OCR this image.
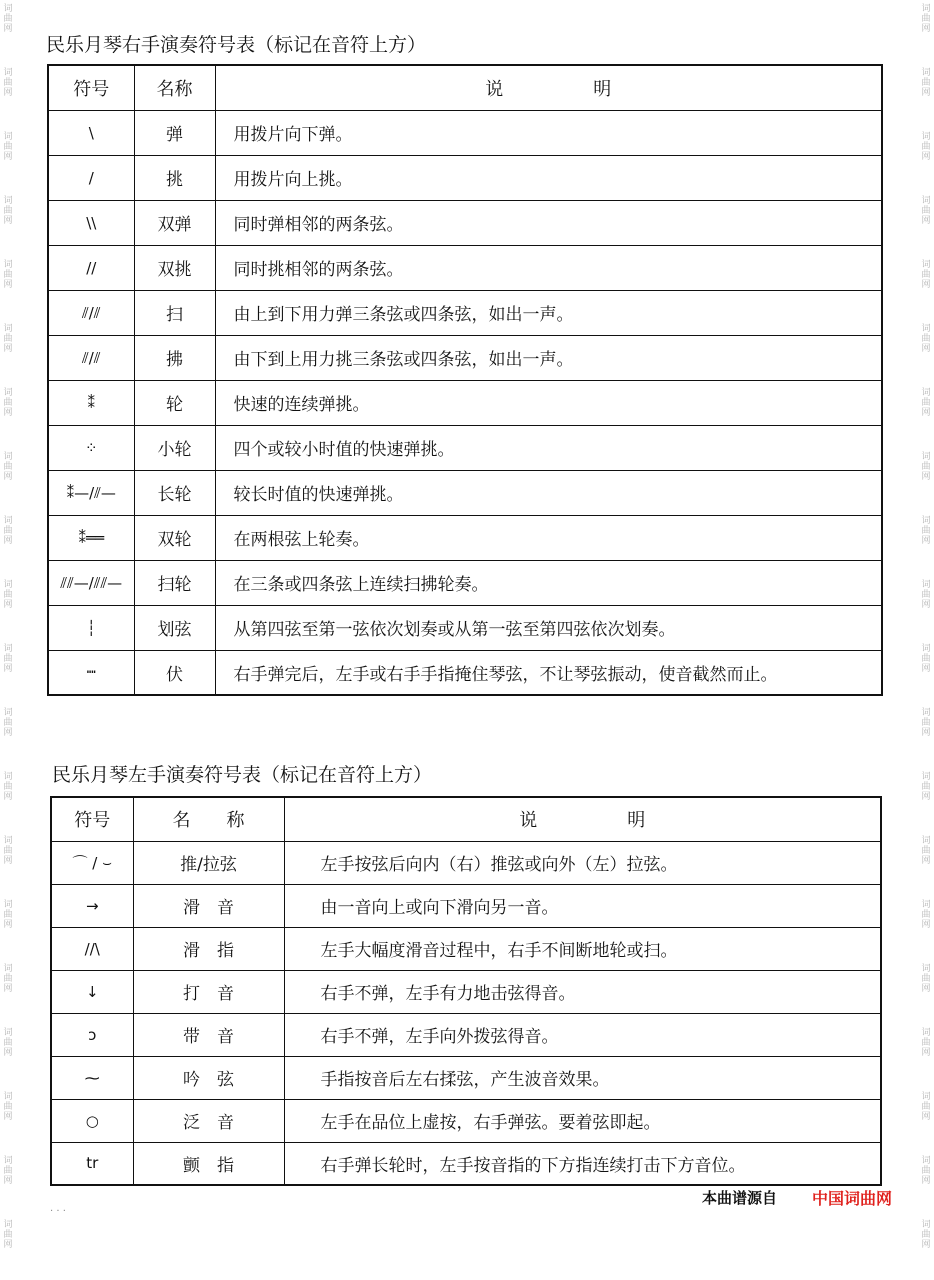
词
曲
网
词
曲
网
词
曲
网
词
曲
网
词
曲
网
词
曲
网
词
曲
网
词
曲
网
词
曲
网
词
曲
网
词
曲
网
词
曲
网
词
曲
网
词
曲
网
词
曲
网
词
曲
网
词
曲
网
词
曲
网
词
曲
网
词
曲
网
词
曲
网
词
曲
网
词
曲
网
词
曲
网
词
曲
网
词
曲
网
词
曲
网
词
曲
网
词
曲
网
词
曲
网
词
曲
网
词
曲
网
词
曲
网
词
曲
网
词
曲
网
词
曲
网
词
曲
网
词
曲
网
词
曲
网
词
曲
网
民乐月琴右手演奏符号表（标记在音符上方）
符号	名称	说　　　　　明
\	弹	用拨片向下弹。
/	挑	用拨片向上挑。
\\	双弹	同时弹相邻的两条弦。
//	双挑	同时挑相邻的两条弦。
⫽/⫽	扫	由上到下用力弹三条弦或四条弦，如出一声。
⫽/⫽	拂	由下到上用力挑三条弦或四条弦，如出一声。
⁑	轮	快速的连续弹挑。
⁘	小轮	四个或较小时值的快速弹挑。
⁑—/⫽—	长轮	较长时值的快速弹挑。
⁑══	双轮	在两根弦上轮奏。
⫽⫽—/⫽⫽—	扫轮	在三条或四条弦上连续扫拂轮奏。
┆	划弦	从第四弦至第一弦依次划奏或从第一弦至第四弦依次划奏。
┉	伏	右手弹完后，左手或右手手指掩住琴弦，不让琴弦振动，使音截然而止。
民乐月琴左手演奏符号表（标记在音符上方）
符号	名　　称	说　　　　　明
⌒ / ⌣	推/拉弦	左手按弦后向内（右）推弦或向外（左）拉弦。
→	滑　音	由一音向上或向下滑向另一音。
//\	滑　指	左手大幅度滑音过程中，右手不间断地轮或扫。
↓	打　音	右手不弹，左手有力地击弦得音。
ɔ	带　音	右手不弹，左手向外拨弦得音。
⁓	吟　弦	手指按音后左右揉弦，产生波音效果。
○	泛　音	左手在品位上虚按，右手弹弦。要着弦即起。
tr	颤　指	右手弹长轮时，左手按音指的下方指连续打击下方音位。
· · ·
本曲谱源自 中国词曲网
